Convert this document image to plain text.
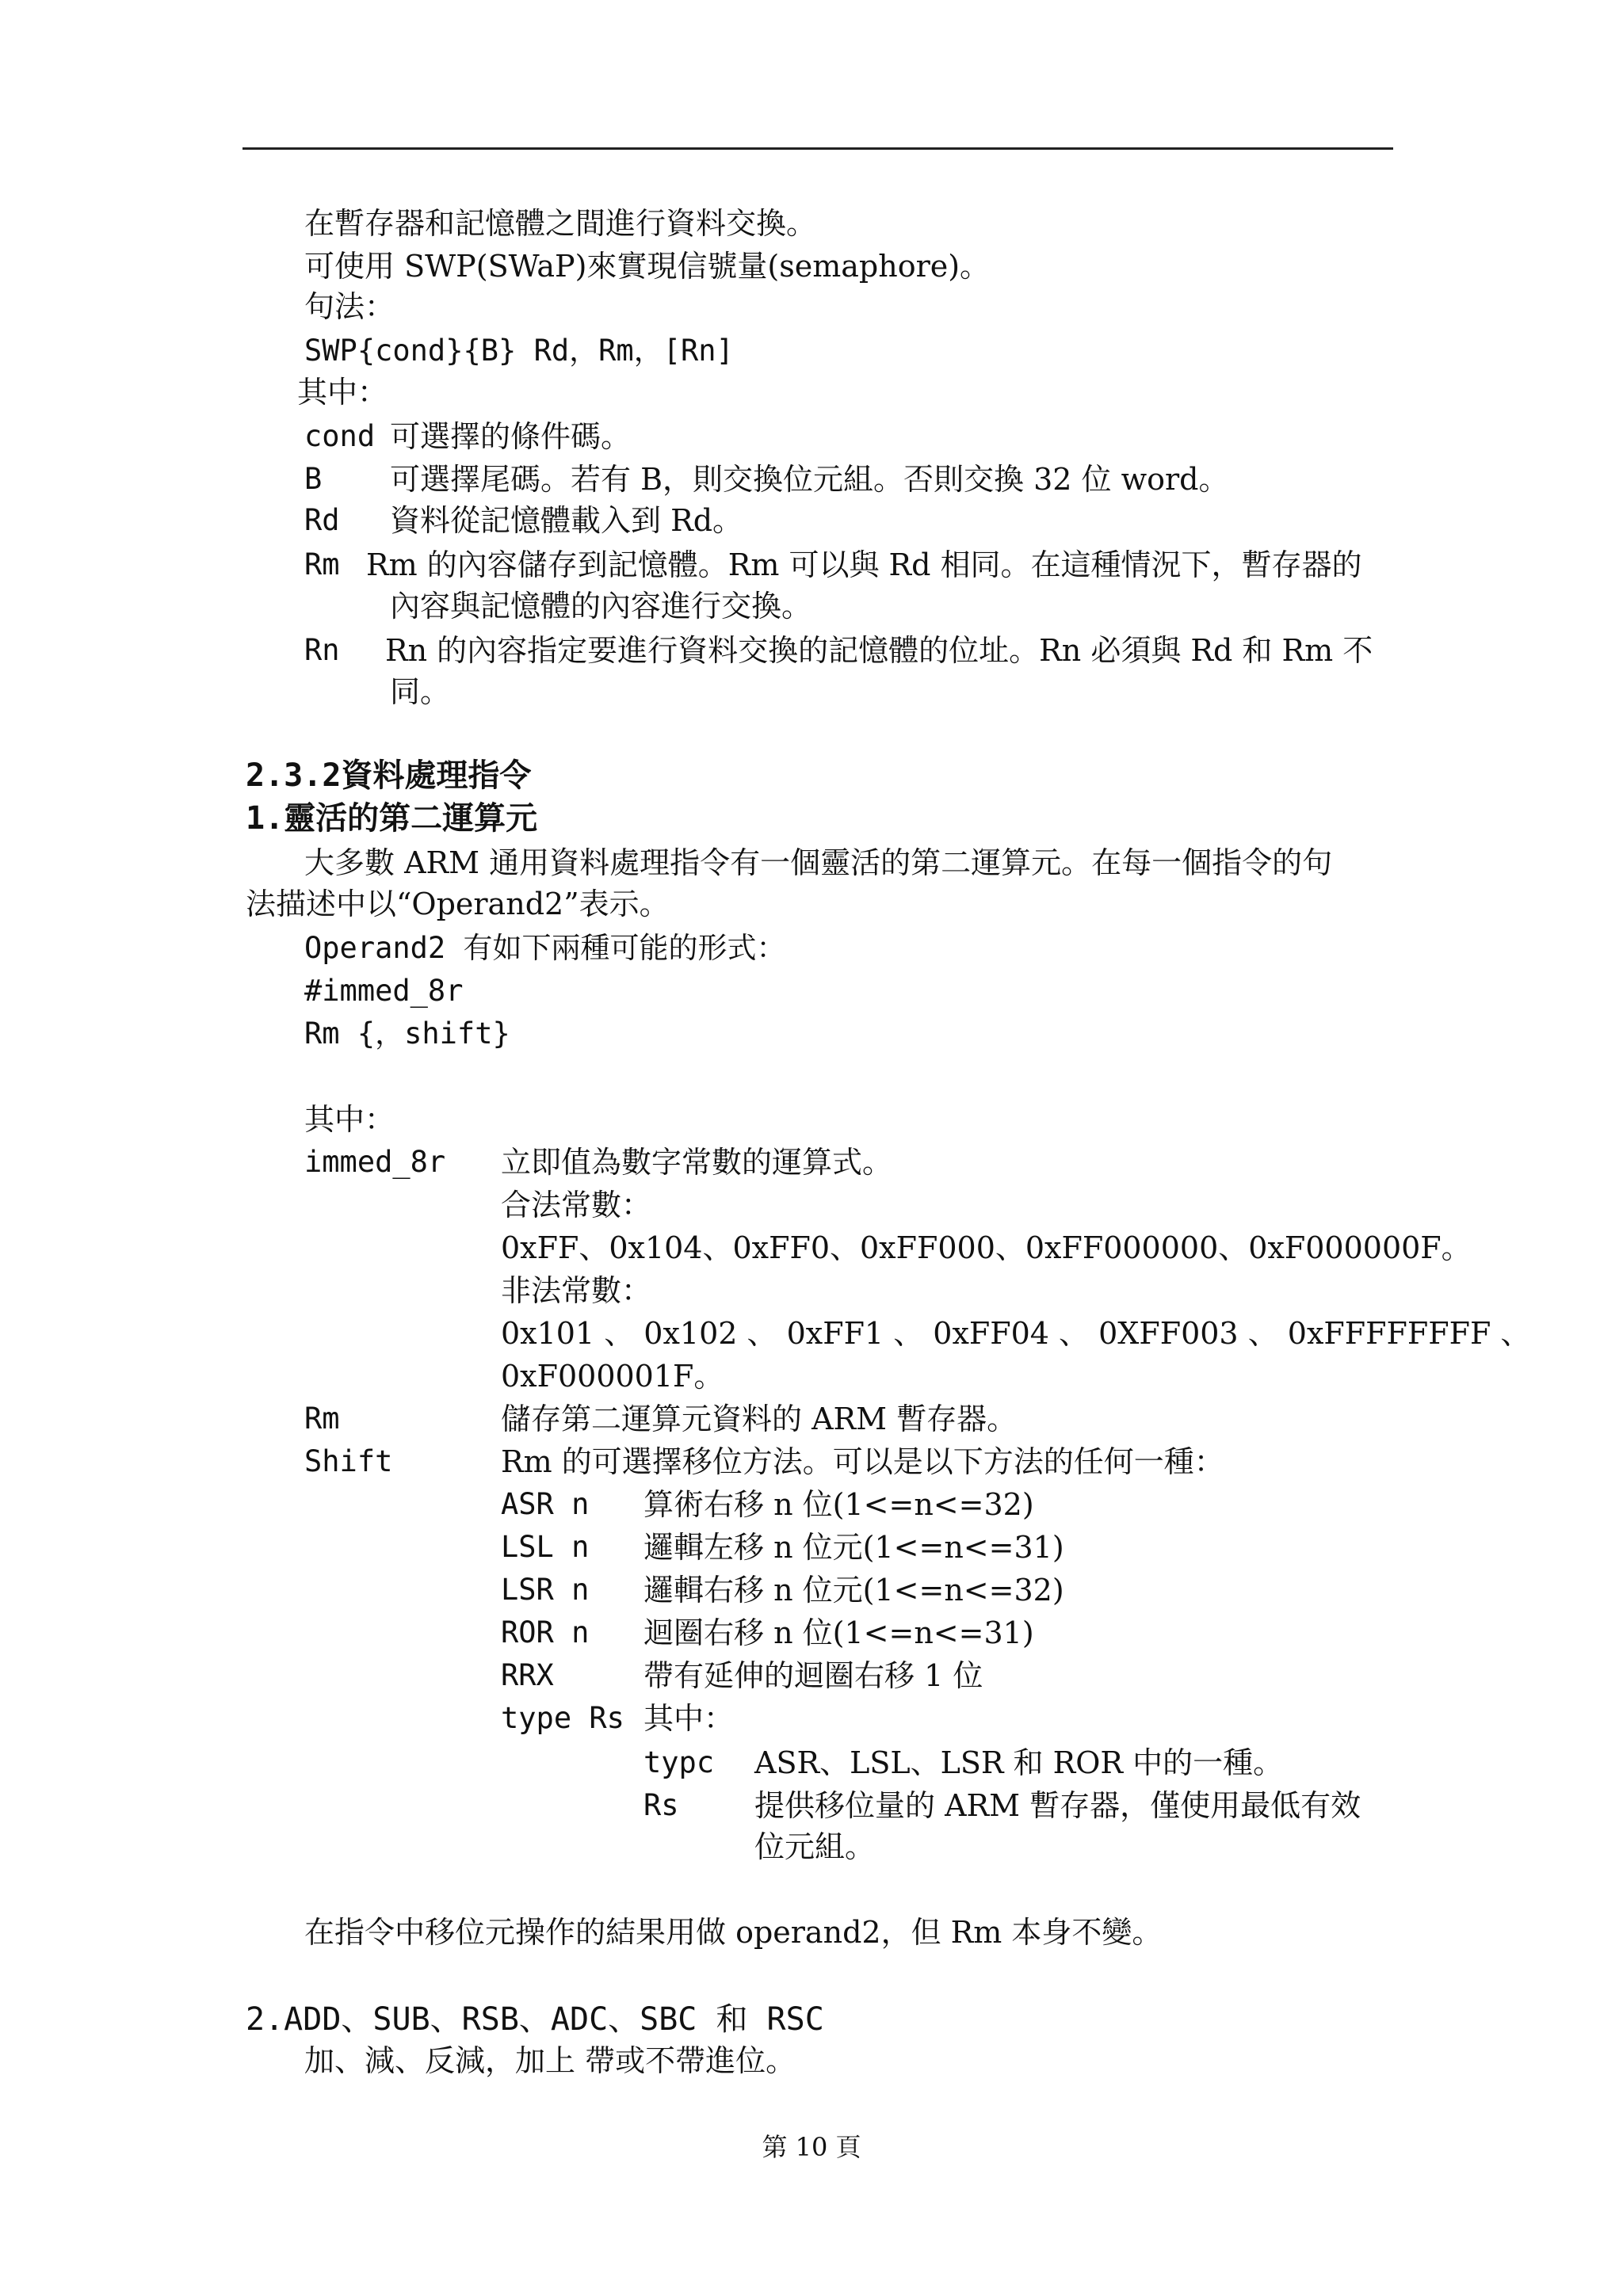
在暫存器和記憶體之間進行資料交換。
可使用 SWP(SWaP)來實現信號量(semaphore)。
句法：
SWP{cond}{B} Rd，Rm，[Rn]
其中：
cond 可選擇的條件碼。
B 可選擇尾碼。若有 B，則交換位元組。否則交換 32 位 word。
Rd 資料從記憶體載入到 Rd。
Rm Rm 的內容儲存到記憶體。Rm 可以與 Rd 相同。在這種情況下，暫存器的
內容與記憶體的內容進行交換。
Rn Rn 的內容指定要進行資料交換的記憶體的位址。Rn 必須與 Rd 和 Rm 不
同。
2.3.2資料處理指令
1.靈活的第二運算元
大多數 ARM 通用資料處理指令有一個靈活的第二運算元。在每一個指令的句
法描述中以“Operand2”表示。
Operand2 有如下兩種可能的形式：
#immed_8r
Rm {，shift}
其中：
immed_8r 立即值為數字常數的運算式。
合法常數：
0xFF、0x104、0xFF0、0xFF000、0xFF000000、0xF000000F。
非法常數：
0x101 、 0x102 、 0xFF1 、 0xFF04 、 0XFF003 、 0xFFFFFFFF 、
0xF000001F。
Rm	儲存第二運算元資料的 ARM 暫存器。
Shift	Rm 的可選擇移位方法。可以是以下方法的任何一種：
ASR n 算術右移 n 位(1<=n<=32)
LSL n 邏輯左移 n 位元(1<=n<=31)
LSR n 邏輯右移 n 位元(1<=n<=32)
ROR n 迴圈右移 n 位(1<=n<=31)
RRX	帶有延伸的迴圈右移 1 位
type Rs 其中：
typc ASR、LSL、LSR 和 ROR 中的一種。
Rs	提供移位量的 ARM 暫存器，僅使用最低有效
位元組。
在指令中移位元操作的結果用做 operand2，但 Rm 本身不變。
2.ADD、SUB、RSB、ADC、SBC 和 RSC
加、減、反減，加上 帶或不帶進位。
第 10 頁
